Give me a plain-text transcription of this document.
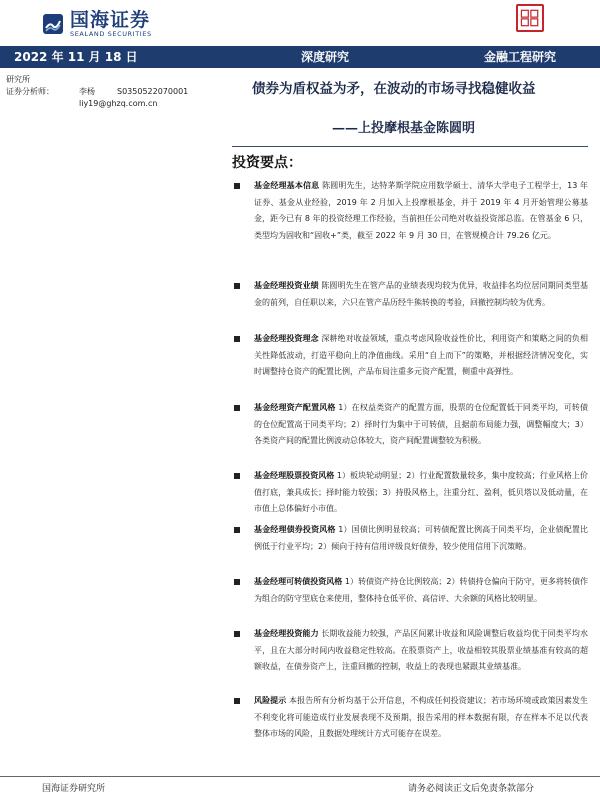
国海证券
SEALAND SECURITIES
2022 年 11 月 18 日	深度研究	金融工程研究
研究所
证券分析师：	李杨	S0350522070001
liy19@ghzq.com.cn
债券为盾权益为矛，在波动的市场寻找稳健收益
——上投摩根基金陈圆明
投资要点：
基金经理基本信息 陈圆明先生，达特茅斯学院应用数学硕士、清华大学电子工程学士，13 年证券、基金从业经验，2019 年 2 月加入上投摩根基金，并于 2019 年 4 月开始管理公募基金，距今已有 8 年的投资经理工作经验，当前担任公司绝对收益投资部总监。在管基金 6 只，类型均为固收和“固收+”类，截至 2022 年 9 月 30 日，在管规模合计 79.26 亿元。
基金经理投资业绩 陈圆明先生在管产品的业绩表现均较为优异，收益排名均位居同期同类型基金的前列，自任职以来，六只在管产品历经牛熊转换的考验，回撤控制均较为优秀。
基金经理投资理念 深耕绝对收益领域，重点考虑风险收益性价比，利用资产和策略之间的负相关性降低波动，打造平稳向上的净值曲线。采用“自上而下”的策略，并根据经济情况变化，实时调整持仓资产的配置比例，产品布局注重多元资产配置，侧重中高弹性。
基金经理资产配置风格 1）在权益类资产的配置方面，股票的仓位配置低于同类平均，可转债的仓位配置高于同类平均；2）择时行为集中于可转债，且据前布局能力强，调整幅度大；3）各类资产间的配置比例波动总体较大，资产间配置调整较为积极。
基金经理股票投资风格 1）板块轮动明显；2）行业配置数量较多，集中度较高；行业风格上价值打底，兼具成长；择时能力较强；3）持股风格上，注重分红、盈利，低贝塔以及低动量，在市值上总体偏好小市值。
基金经理债券投资风格 1）国债比例明显较高；可转债配置比例高于同类平均，企业债配置比例低于行业平均；2）倾向于持有信用评级良好债券，较少使用信用下沉策略。
基金经理可转债投资风格 1）转债资产持仓比例较高；2）转债持仓偏向于防守，更多将转债作为组合的防守型底仓来使用，整体持仓低平价、高信评、大余额的风格比较明显。
基金经理投资能力 长期收益能力较强，产品区间累计收益和风险调整后收益均优于同类平均水平，且在大部分时间内收益稳定性较高。在股票资产上，收益相较其股票业绩基准有较高的超额收益，在债券资产上，注重回撤的控制，收益上的表现也紧跟其业绩基准。
风险提示 本报告所有分析均基于公开信息，不构成任何投资建议；若市场环境或政策因素发生不利变化将可能造成行业发展表现不及预期，报告采用的样本数据有限，存在样本不足以代表整体市场的风险，且数据处理统计方式可能存在误差。
国海证券研究所	请务必阅读正文后免责条款部分
